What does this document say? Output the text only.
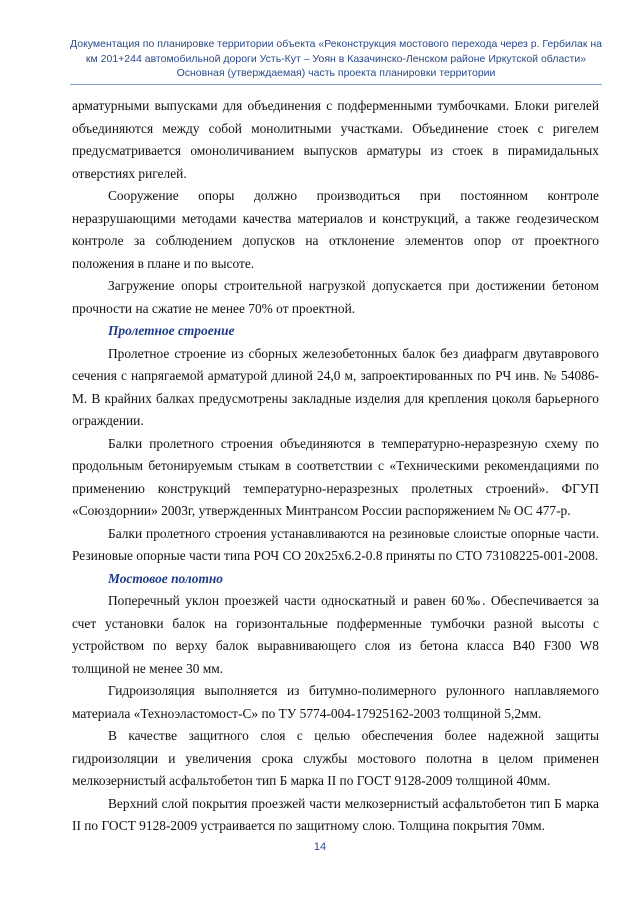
Документация по планировке территории объекта «Реконструкция мостового перехода через р. Гербилак на
км 201+244 автомобильной дороги Усть-Кут – Уоян в Казачинско-Ленском районе Иркутской области»
Основная (утверждаемая) часть проекта планировки территории

арматурными выпусками для объединения с подферменными тумбочками. Блоки ригелей объединяются между собой монолитными участками. Объединение стоек с ригелем предусматривается омоноличиванием выпусков арматуры из стоек в пирамидальных отверстиях ригелей.

Сооружение опоры должно производиться при постоянном контроле неразрушающими методами качества материалов и конструкций, а также геодезическом контроле за соблюдением допусков на отклонение элементов опор от проектного положения в плане и по высоте.

Загружение опоры строительной нагрузкой допускается при достижении бетоном прочности на сжатие не менее 70% от проектной.

Пролетное строение

Пролетное строение из сборных железобетонных балок без диафрагм двутаврового сечения с напрягаемой арматурой длиной 24,0 м, запроектированных по РЧ инв. № 54086-М. В крайних балках предусмотрены закладные изделия для крепления цоколя барьерного ограждении.

Балки пролетного строения объединяются в температурно-неразрезную схему по продольным бетонируемым стыкам в соответствии с «Техническими рекомендациями по применению конструкций температурно-неразрезных пролетных строений». ФГУП «Союздорнии» 2003г, утвержденных Минтрансом России распоряжением № ОС 477-р.

Балки пролетного строения устанавливаются на резиновые слоистые опорные части. Резиновые опорные части типа РОЧ СО 20х25х6.2-0.8 приняты по СТО 73108225-001-2008.

Мостовое полотно

Поперечный уклон проезжей части односкатный и равен 60‰. Обеспечивается за счет установки балок на горизонтальные подферменные тумбочки разной высоты с устройством по верху балок выравнивающего слоя из бетона класса В40 F300 W8 толщиной не менее 30 мм.

Гидроизоляция выполняется из битумно-полимерного рулонного наплавляемого материала «Техноэластомост-С» по ТУ 5774-004-17925162-2003 толщиной 5,2мм.

В качестве защитного слоя с целью обеспечения более надежной защиты гидроизоляции и увеличения срока службы мостового полотна в целом применен мелкозернистый асфальтобетон тип Б марка II по ГОСТ 9128-2009 толщиной 40мм.

Верхний слой покрытия проезжей части мелкозернистый асфальтобетон тип Б марка II по ГОСТ 9128-2009 устраивается по защитному слою. Толщина покрытия 70мм.

14
